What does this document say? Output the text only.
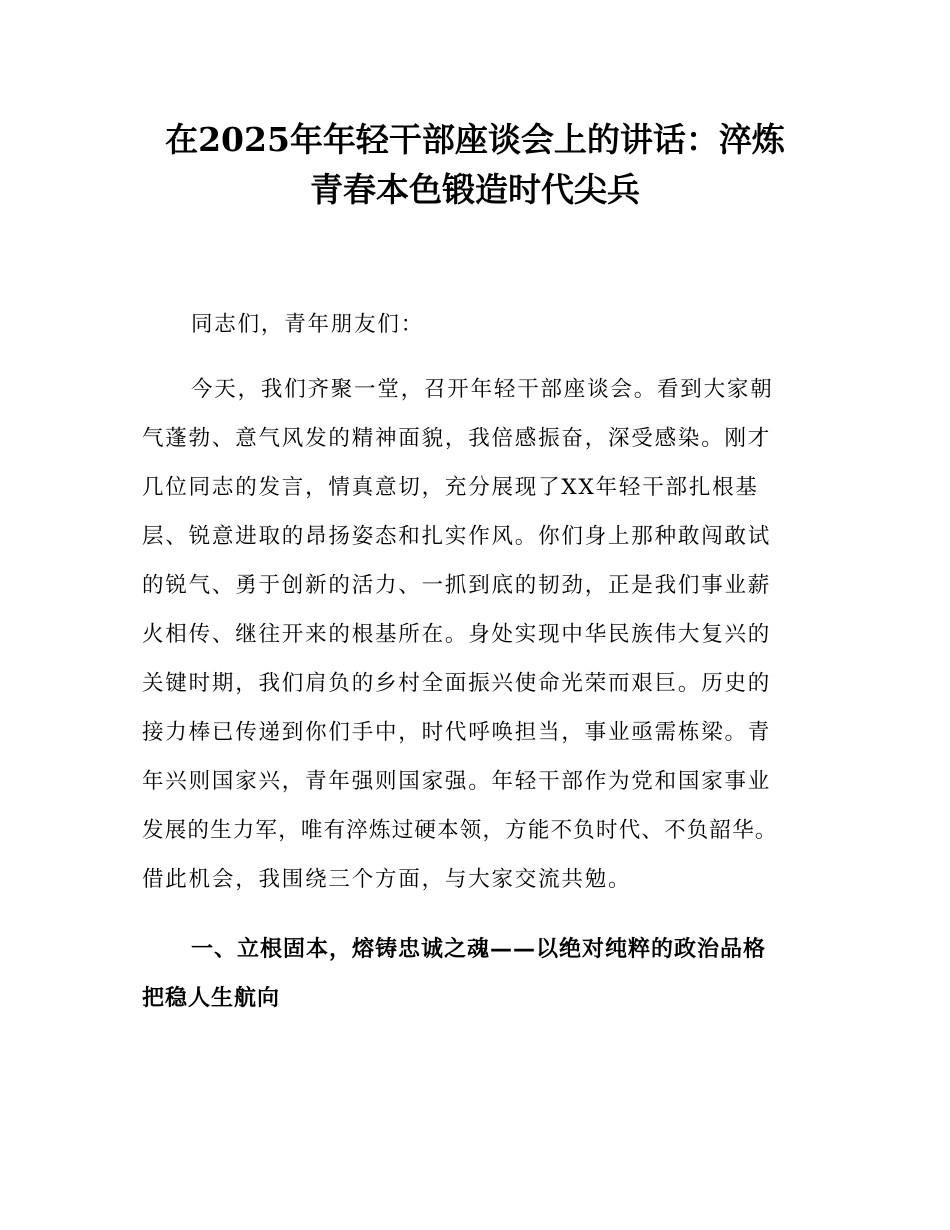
在2025年年轻干部座谈会上的讲话：淬炼
青春本色锻造时代尖兵
同志们，青年朋友们：
今天，我们齐聚一堂，召开年轻干部座谈会。看到大家朝
气蓬勃、意气风发的精神面貌，我倍感振奋，深受感染。刚才
几位同志的发言，情真意切，充分展现了XX年轻干部扎根基
层、锐意进取的昂扬姿态和扎实作风。你们身上那种敢闯敢试
的锐气、勇于创新的活力、一抓到底的韧劲，正是我们事业薪
火相传、继往开来的根基所在。身处实现中华民族伟大复兴的
关键时期，我们肩负的乡村全面振兴使命光荣而艰巨。历史的
接力棒已传递到你们手中，时代呼唤担当，事业亟需栋梁。青
年兴则国家兴，青年强则国家强。年轻干部作为党和国家事业
发展的生力军，唯有淬炼过硬本领，方能不负时代、不负韶华。
借此机会，我围绕三个方面，与大家交流共勉。
一、立根固本，熔铸忠诚之魂——以绝对纯粹的政治品格
把稳人生航向
